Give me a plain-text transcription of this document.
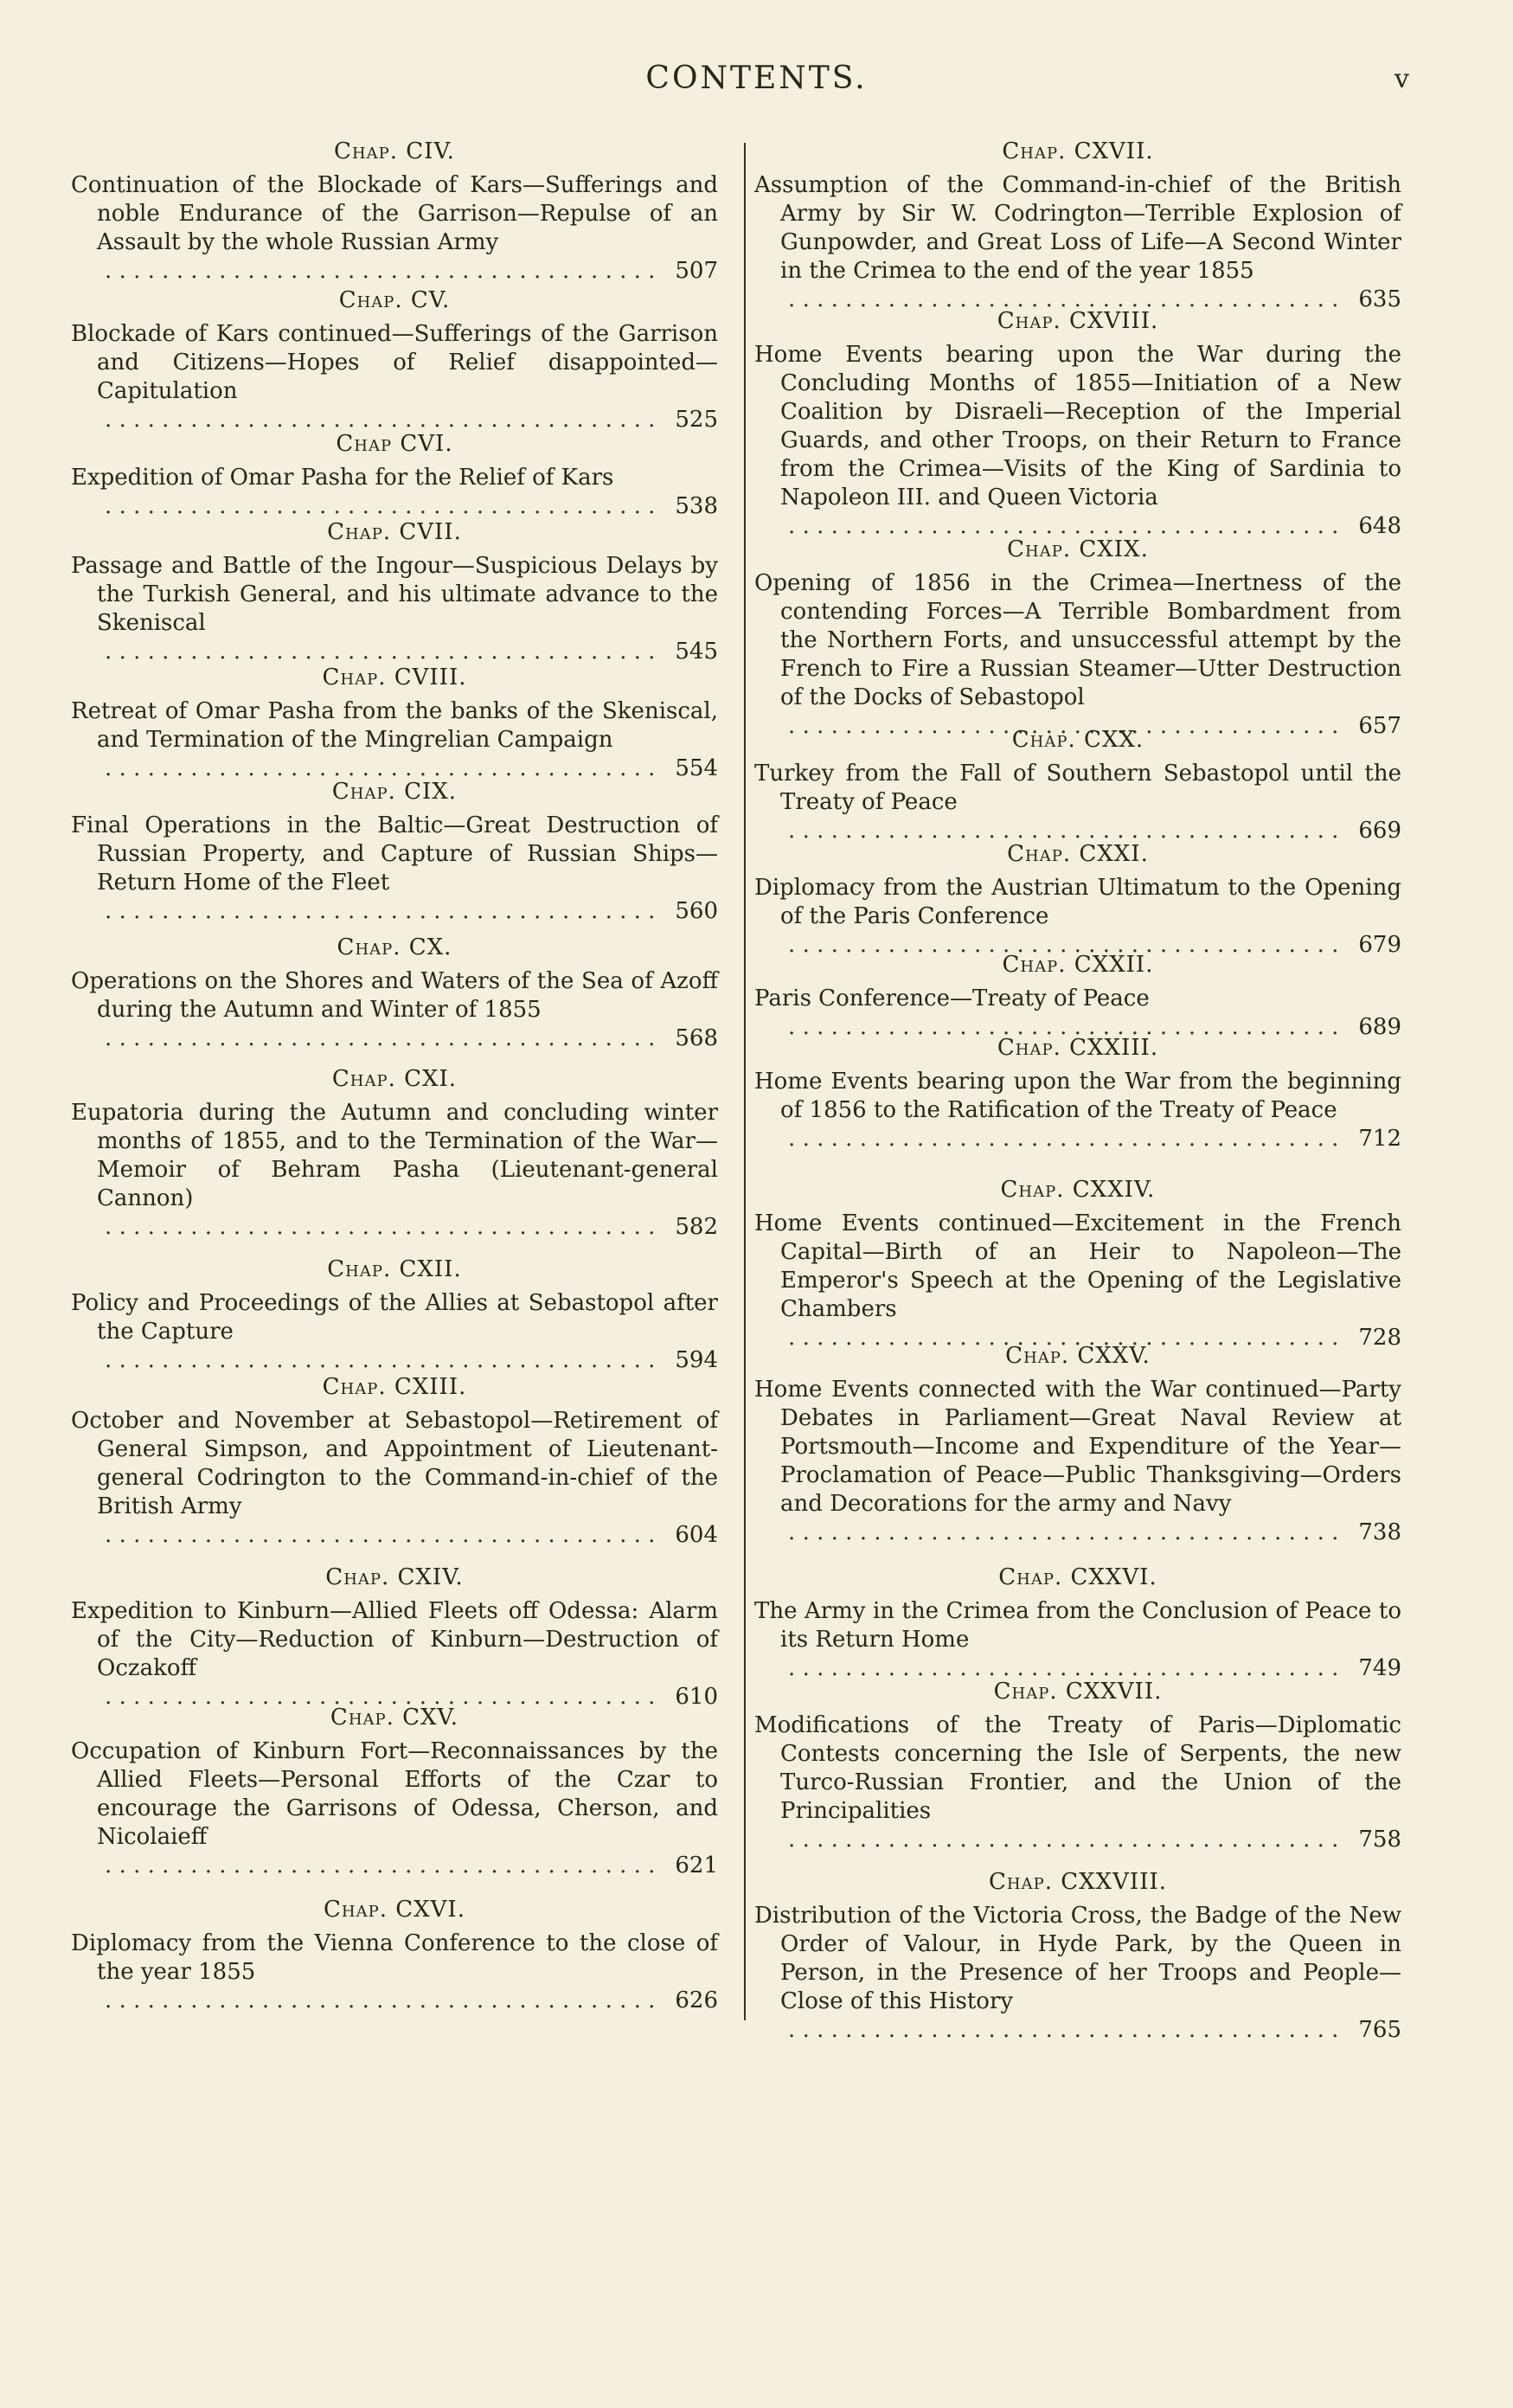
CONTENTS.	v
Chap. CIV.
Continuation of the Blockade of Kars—Sufferings and noble Endurance of the Garrison—Repulse of an Assault by the whole Russian Army
. . .
507
Chap. CV.
Blockade of Kars continued—Sufferings of the Garrison and Citizens—Hopes of Relief disappointed—Capitulation
. . .
525
Chap CVI.
Expedition of Omar Pasha for the Relief of Kars
. . .
538
Chap. CVII.
Passage and Battle of the Ingour—Suspicious Delays by the Turkish General, and his ultimate advance to the Skeniscal
. . .
545
Chap. CVIII.
Retreat of Omar Pasha from the banks of the Skeniscal, and Termination of the Mingrelian Campaign
. . .
554
Chap. CIX.
Final Operations in the Baltic—Great Destruction of Russian Property, and Capture of Russian Ships—Return Home of the Fleet
. . .
560
Chap. CX.
Operations on the Shores and Waters of the Sea of Azoff during the Autumn and Winter of 1855
. . .
568
Chap. CXI.
Eupatoria during the Autumn and concluding winter months of 1855, and to the Termination of the War—Memoir of Behram Pasha (Lieutenant-general Cannon)
. . .
582
Chap. CXII.
Policy and Proceedings of the Allies at Sebastopol after the Capture
. . .
594
Chap. CXIII.
October and November at Sebastopol—Retirement of General Simpson, and Appointment of Lieutenant-general Codrington to the Command-in-chief of the British Army
. . .
604
Chap. CXIV.
Expedition to Kinburn—Allied Fleets off Odessa: Alarm of the City—Reduction of Kinburn—Destruction of Oczakoff
. . .
610
Chap. CXV.
Occupation of Kinburn Fort—Reconnaissances by the Allied Fleets—Personal Efforts of the Czar to encourage the Garrisons of Odessa, Cherson, and Nicolaieff
. . .
621
Chap. CXVI.
Diplomacy from the Vienna Conference to the close of the year 1855
. . .
626
Chap. CXVII.
Assumption of the Command-in-chief of the British Army by Sir W. Codrington—Terrible Explosion of Gunpowder, and Great Loss of Life—A Second Winter in the Crimea to the end of the year 1855
. . .
635
Chap. CXVIII.
Home Events bearing upon the War during the Concluding Months of 1855—Initiation of a New Coalition by Disraeli—Reception of the Imperial Guards, and other Troops, on their Return to France from the Crimea—Visits of the King of Sardinia to Napoleon III. and Queen Victoria
. . .
648
Chap. CXIX.
Opening of 1856 in the Crimea—Inertness of the contending Forces—A Terrible Bombardment from the Northern Forts, and unsuccessful attempt by the French to Fire a Russian Steamer—Utter Destruction of the Docks of Sebastopol
. . .
657
Chap. CXX.
Turkey from the Fall of Southern Sebastopol until the Treaty of Peace
. . .
669
Chap. CXXI.
Diplomacy from the Austrian Ultimatum to the Opening of the Paris Conference
. . .
679
Chap. CXXII.
Paris Conference—Treaty of Peace
. . .
689
Chap. CXXIII.
Home Events bearing upon the War from the beginning of 1856 to the Ratification of the Treaty of Peace
. . .
712
Chap. CXXIV.
Home Events continued—Excitement in the French Capital—Birth of an Heir to Napoleon—The Emperor's Speech at the Opening of the Legislative Chambers
. . .
728
Chap. CXXV.
Home Events connected with the War continued—Party Debates in Parliament—Great Naval Review at Portsmouth—Income and Expenditure of the Year—Proclamation of Peace—Public Thanksgiving—Orders and Decorations for the army and Navy
. . .
738
Chap. CXXVI.
The Army in the Crimea from the Conclusion of Peace to its Return Home
. . .
749
Chap. CXXVII.
Modifications of the Treaty of Paris—Diplomatic Contests concerning the Isle of Serpents, the new Turco-Russian Frontier, and the Union of the Principalities
. . .
758
Chap. CXXVIII.
Distribution of the Victoria Cross, the Badge of the New Order of Valour, in Hyde Park, by the Queen in Person, in the Presence of her Troops and People—Close of this History
. . .
765
